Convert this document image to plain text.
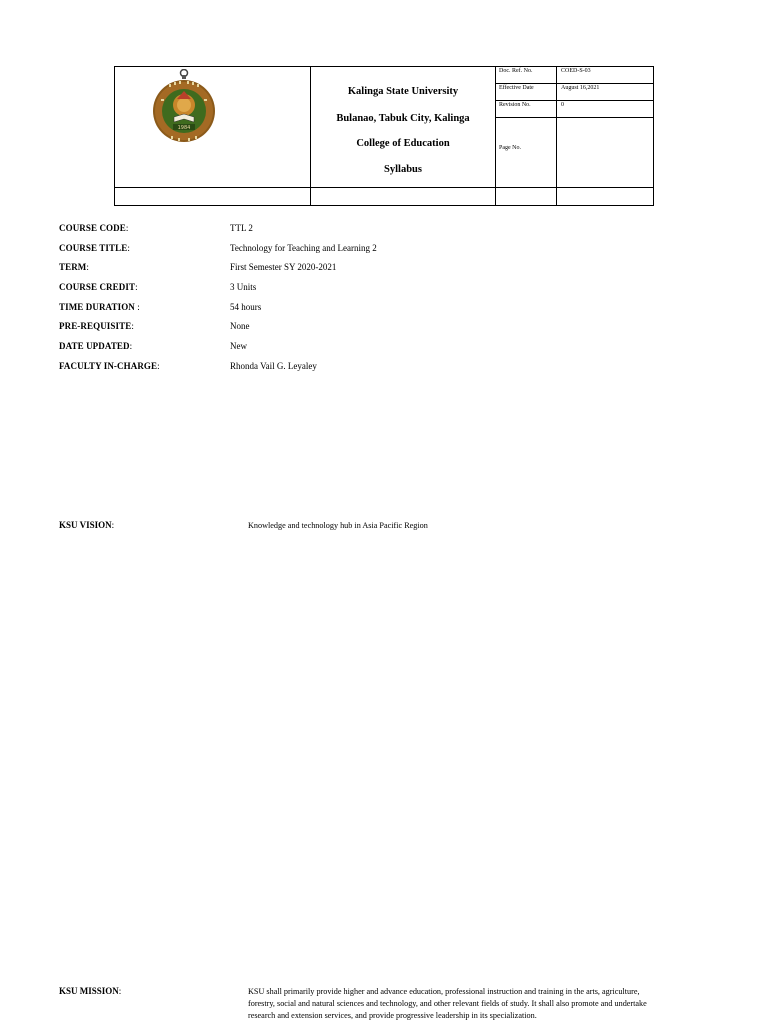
1984
Kalinga State University
Bulanao, Tabuk City, Kalinga
College of Education
Syllabus
Doc. Ref. No.	COED-S-03
Effective Date	August 16,2021
Revision No.	0
Page No.
COURSE CODE:	TTL 2
COURSE TITLE:	Technology for Teaching and Learning 2
TERM:	First Semester SY 2020-2021
COURSE CREDIT:	3 Units
TIME DURATION :	54 hours
PRE-REQUISITE:	None
DATE UPDATED:	New
FACULTY IN-CHARGE:	Rhonda Vail G. Leyaley
KSU VISION:	Knowledge and technology hub in Asia Pacific Region
KSU MISSION:	KSU shall primarily provide higher and advance education, professional instruction and training in the arts, agriculture, forestry, social and natural sciences and technology, and other relevant fields of study. It shall also promote and undertake research and extension services, and provide progressive leadership in its specialization.
